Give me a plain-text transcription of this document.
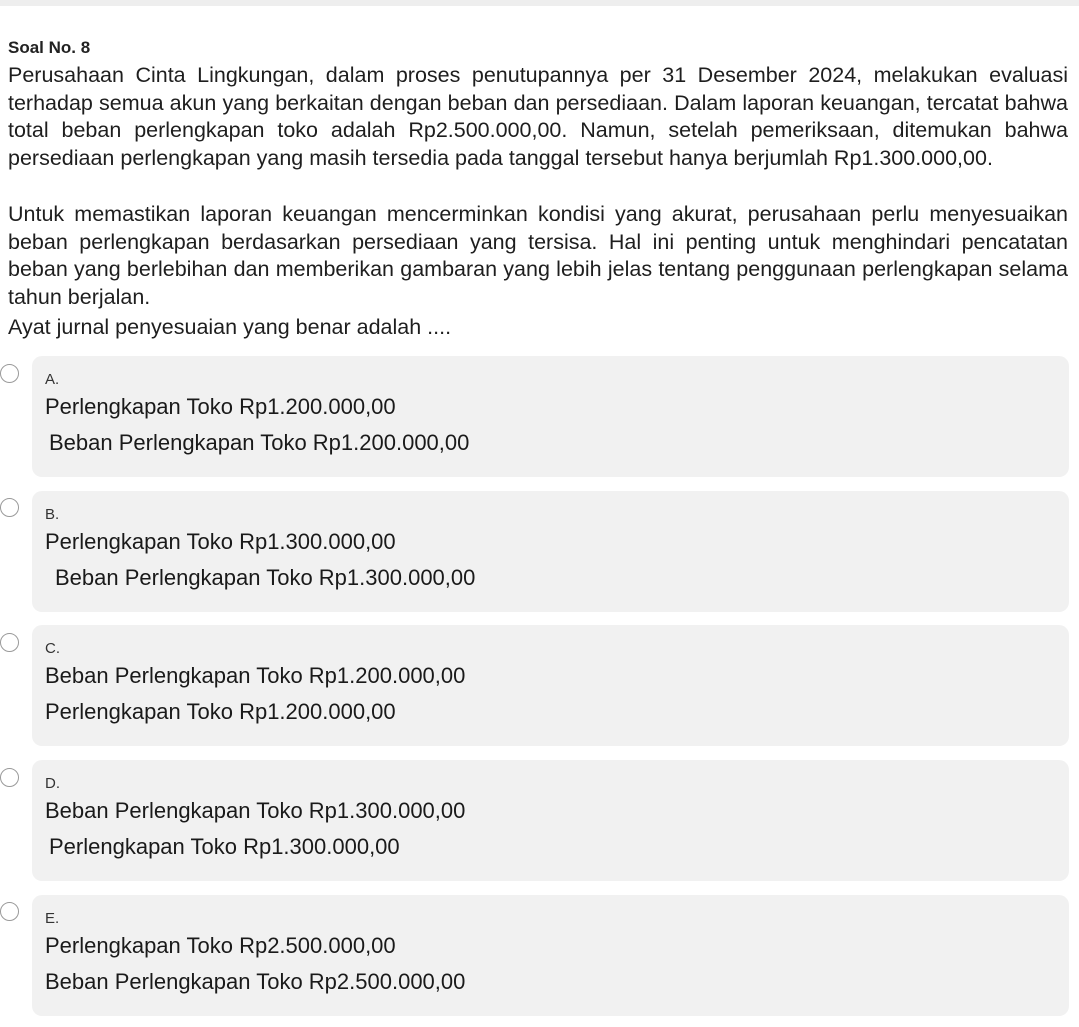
Soal No. 8
Perusahaan Cinta Lingkungan, dalam proses penutupannya per 31 Desember 2024, melakukan evaluasi terhadap semua akun yang berkaitan dengan beban dan persediaan. Dalam laporan keuangan, tercatat bahwa total beban perlengkapan toko adalah Rp2.500.000,00. Namun, setelah pemeriksaan, ditemukan bahwa persediaan perlengkapan yang masih tersedia pada tanggal tersebut hanya berjumlah Rp1.300.000,00.
Untuk memastikan laporan keuangan mencerminkan kondisi yang akurat, perusahaan perlu menyesuaikan beban perlengkapan berdasarkan persediaan yang tersisa. Hal ini penting untuk menghindari pencatatan beban yang berlebihan dan memberikan gambaran yang lebih jelas tentang penggunaan perlengkapan selama tahun berjalan.
Ayat jurnal penyesuaian yang benar adalah ....
A.
Perlengkapan Toko Rp1.200.000,00
Beban Perlengkapan Toko Rp1.200.000,00
B.
Perlengkapan Toko Rp1.300.000,00
Beban Perlengkapan Toko Rp1.300.000,00
C.
Beban Perlengkapan Toko Rp1.200.000,00
Perlengkapan Toko Rp1.200.000,00
D.
Beban Perlengkapan Toko Rp1.300.000,00
Perlengkapan Toko Rp1.300.000,00
E.
Perlengkapan Toko Rp2.500.000,00
Beban Perlengkapan Toko Rp2.500.000,00
